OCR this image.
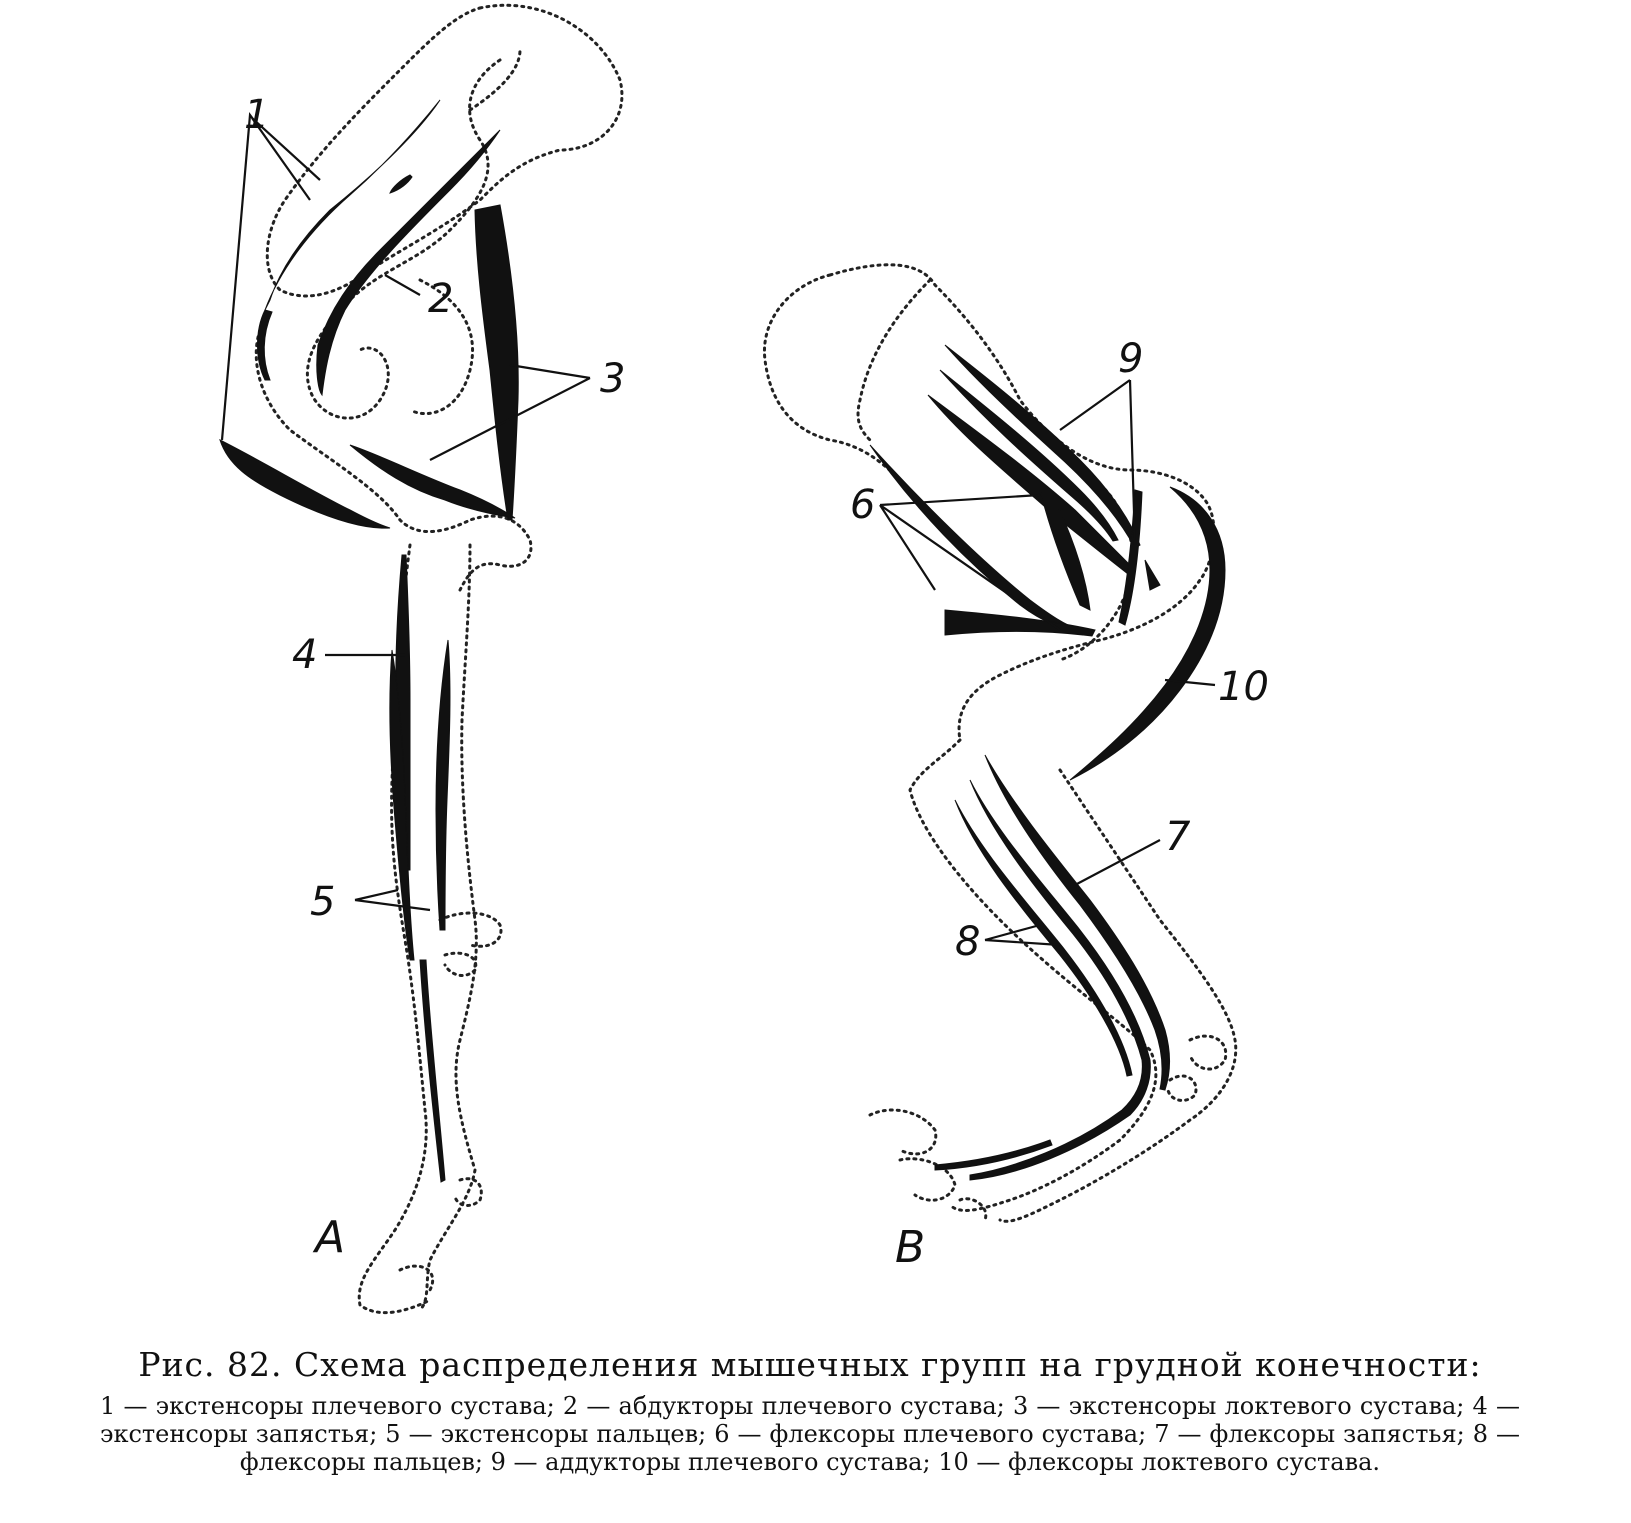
1
2
3
4
5
A
9
6
10
7
8
В
Рис. 82. Схема распределения мышечных групп на грудной конечности:
1 — экстенсоры плечевого сустава; 2 — абдукторы плечевого сустава; 3 — экстенсоры локтевого сустава; 4 — экстенсоры запястья; 5 — экстенсоры пальцев; 6 — флексоры плечевого сустава; 7 — флексоры запястья; 8 — флексоры пальцев; 9 — аддукторы плечевого сустава; 10 — флексоры локтевого сустава.
